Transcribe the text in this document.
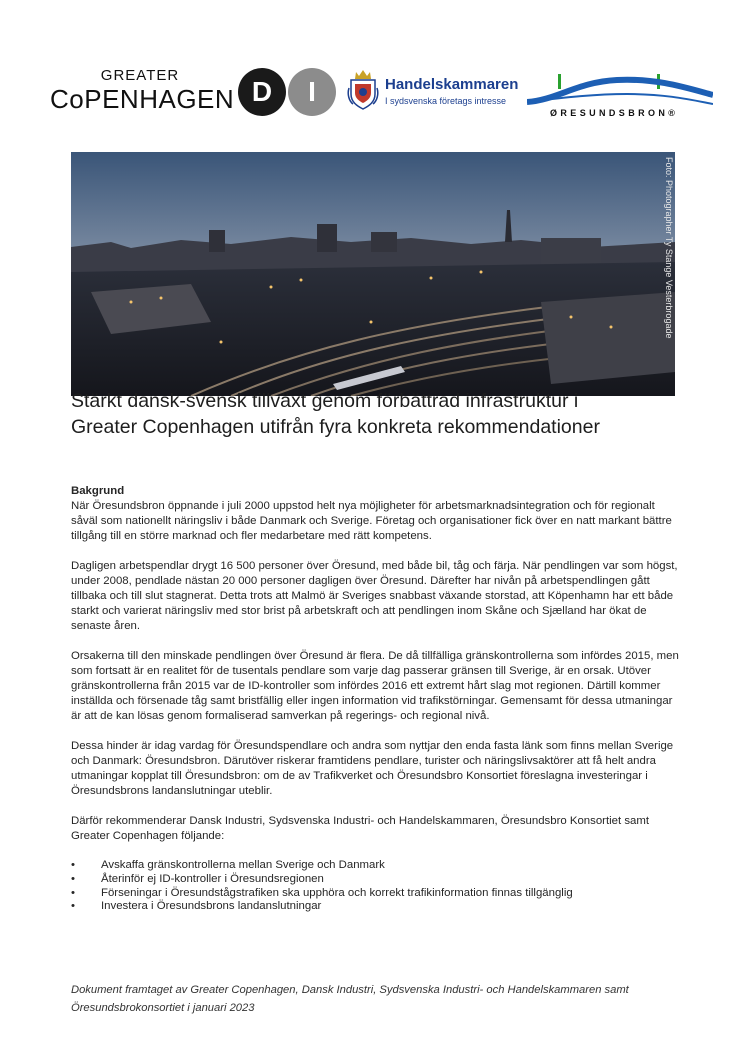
GREATER
CoPENHAGEN D	I	Handelskammaren
I sydsvenska företags intresse
ØRESUNDSBRON®
Foto: Photographer Ty Stange Vesterbrogade
Stärkt dansk-svensk tillväxt genom förbättrad infrastruktur i
Greater Copenhagen utifrån fyra konkreta rekommendationer
Bakgrund

När Öresundsbron öppnande i juli 2000 uppstod helt nya möjligheter för arbetsmarknadsintegration och för regionalt såväl som nationellt näringsliv i både Danmark och Sverige. Företag och organisationer fick över en natt markant bättre tillgång till en större marknad och fler medarbetare med rätt kompetens.

Dagligen arbetspendlar drygt 16 500 personer över Öresund, med både bil, tåg och färja. När pendlingen var som högst, under 2008, pendlade nästan 20 000 personer dagligen över Öresund. Därefter har nivån på arbetspendlingen gått tillbaka och till slut stagnerat. Detta trots att Malmö är Sveriges snabbast växande storstad, att Köpenhamn har ett både starkt och varierat näringsliv med stor brist på arbetskraft och att pendlingen inom Skåne och Sjælland har ökat de senaste åren.

Orsakerna till den minskade pendlingen över Öresund är flera. De då tillfälliga gränskontrollerna som infördes 2015, men som fortsatt är en realitet för de tusentals pendlare som varje dag passerar gränsen till Sverige, är en orsak. Utöver gränskontrollerna från 2015 var de ID-kontroller som infördes 2016 ett extremt hårt slag mot regionen. Därtill kommer inställda och försenade tåg samt bristfällig eller ingen information vid trafikstörningar. Gemensamt för dessa utmaningar är att de kan lösas genom formaliserad samverkan på regerings- och regional nivå.

Dessa hinder är idag vardag för Öresundspendlare och andra som nyttjar den enda fasta länk som finns mellan Sverige och Danmark: Öresundsbron. Därutöver riskerar framtidens pendlare, turister och näringslivsaktörer att få helt andra utmaningar kopplat till Öresundsbron: om de av Trafikverket och Öresundsbro Konsortiet föreslagna investeringar i Öresundsbrons landanslutningar uteblir.

Därför rekommenderar Dansk Industri, Sydsvenska Industri- och Handelskammaren, Öresundsbro Konsortiet samt Greater Copenhagen följande:

• Avskaffa gränskontrollerna mellan Sverige och Danmark
• Återinför ej ID-kontroller i Öresundsregionen
• Förseningar i Öresundstågstrafiken ska upphöra och korrekt trafikinformation finnas tillgänglig
• Investera i Öresundsbrons landanslutningar

Dokument framtaget av Greater Copenhagen, Dansk Industri, Sydsvenska Industri- och Handelskammaren samt Öresundsbrokonsortiet i januari 2023
